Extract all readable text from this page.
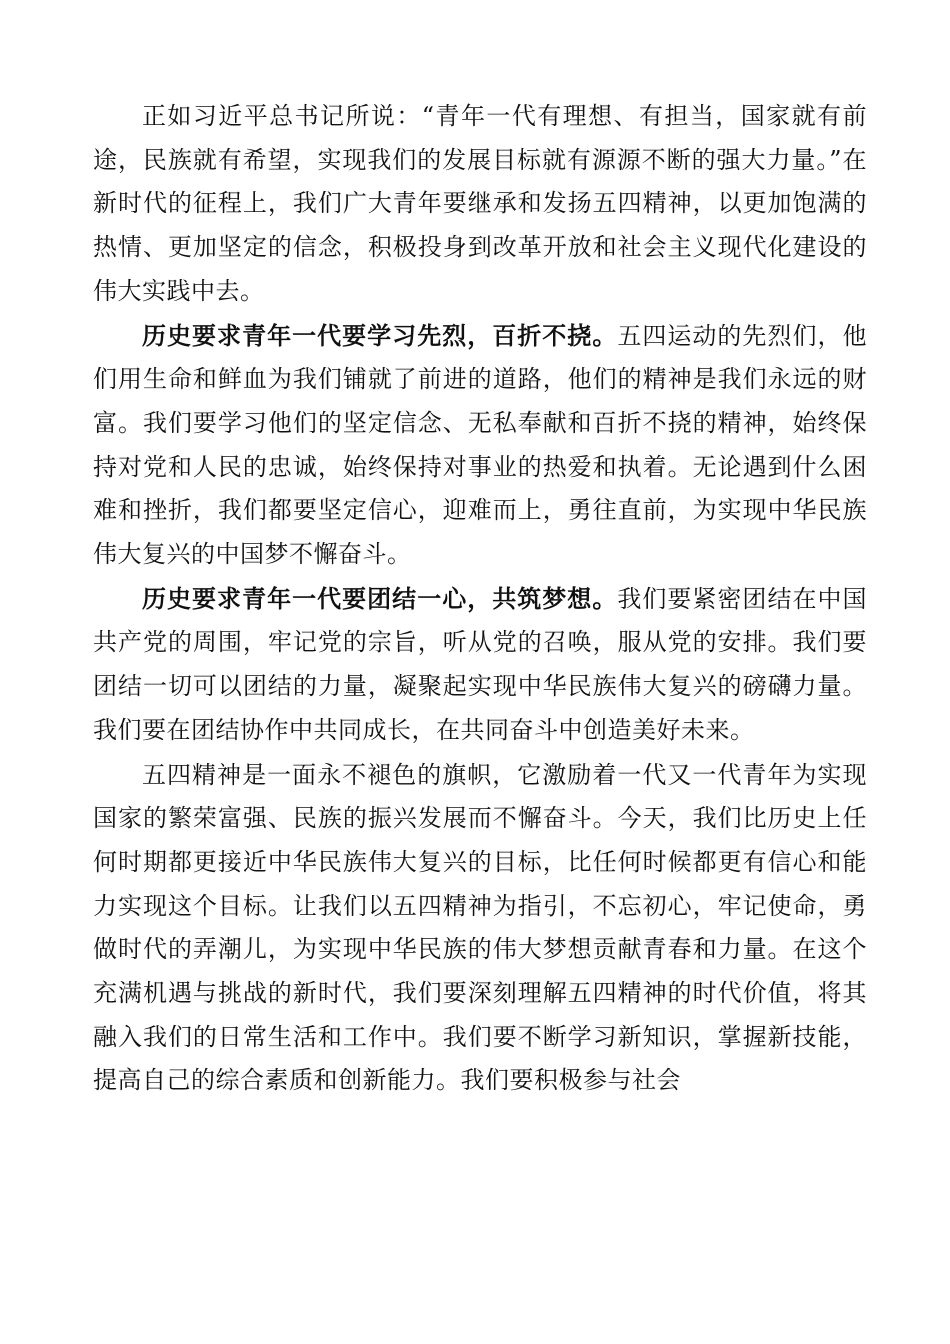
正如习近平总书记所说：“青年一代有理想、有担当，国家就有前途，民族就有希望，实现我们的发展目标就有源源不断的强大力量。”在新时代的征程上，我们广大青年要继承和发扬五四精神，以更加饱满的热情、更加坚定的信念，积极投身到改革开放和社会主义现代化建设的伟大实践中去。

历史要求青年一代要学习先烈，百折不挠。五四运动的先烈们，他们用生命和鲜血为我们铺就了前进的道路，他们的精神是我们永远的财富。我们要学习他们的坚定信念、无私奉献和百折不挠的精神，始终保持对党和人民的忠诚，始终保持对事业的热爱和执着。无论遇到什么困难和挫折，我们都要坚定信心，迎难而上，勇往直前，为实现中华民族伟大复兴的中国梦不懈奋斗。

历史要求青年一代要团结一心，共筑梦想。我们要紧密团结在中国共产党的周围，牢记党的宗旨，听从党的召唤，服从党的安排。我们要团结一切可以团结的力量，凝聚起实现中华民族伟大复兴的磅礴力量。我们要在团结协作中共同成长，在共同奋斗中创造美好未来。

五四精神是一面永不褪色的旗帜，它激励着一代又一代青年为实现国家的繁荣富强、民族的振兴发展而不懈奋斗。今天，我们比历史上任何时期都更接近中华民族伟大复兴的目标，比任何时候都更有信心和能力实现这个目标。让我们以五四精神为指引，不忘初心，牢记使命，勇做时代的弄潮儿，为实现中华民族的伟大梦想贡献青春和力量。在这个充满机遇与挑战的新时代，我们要深刻理解五四精神的时代价值，将其融入我们的日常生活和工作中。我们要不断学习新知识，掌握新技能，提高自己的综合素质和创新能力。我们要积极参与社会
